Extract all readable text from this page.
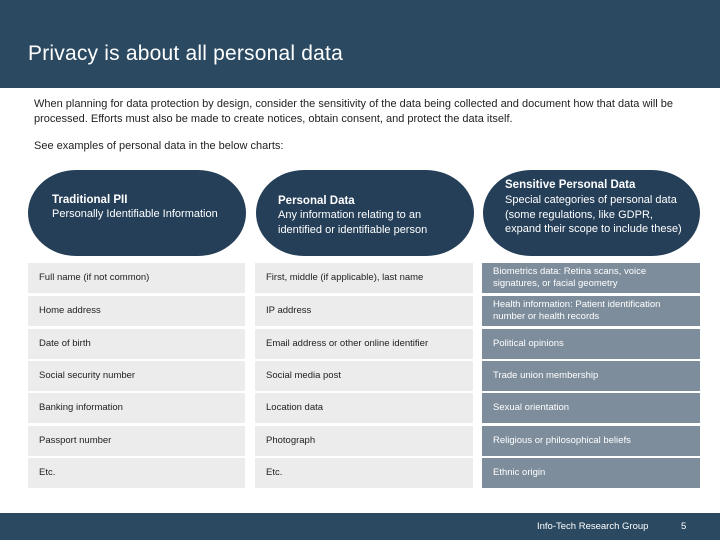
Privacy is about all personal data
When planning for data protection by design, consider the sensitivity of the data being collected and document how that data will be processed. Efforts must also be made to create notices, obtain consent, and protect the data itself.
See examples of personal data in the below charts:
Traditional PII
Personally Identifiable Information
Personal Data
Any information relating to an identified or identifiable person
Sensitive Personal Data
Special categories of personal data (some regulations, like GDPR, expand their scope to include these)
Full name (if not common)
Home address
Date of birth
Social security number
Banking information
Passport number
Etc.
First, middle (if applicable), last name
IP address
Email address or other online identifier
Social media post
Location data
Photograph
Etc.
Biometrics data: Retina scans, voice signatures, or facial geometry
Health information: Patient identification number or health records
Political opinions
Trade union membership
Sexual orientation
Religious or philosophical beliefs
Ethnic origin
Info-Tech Research Group	5
